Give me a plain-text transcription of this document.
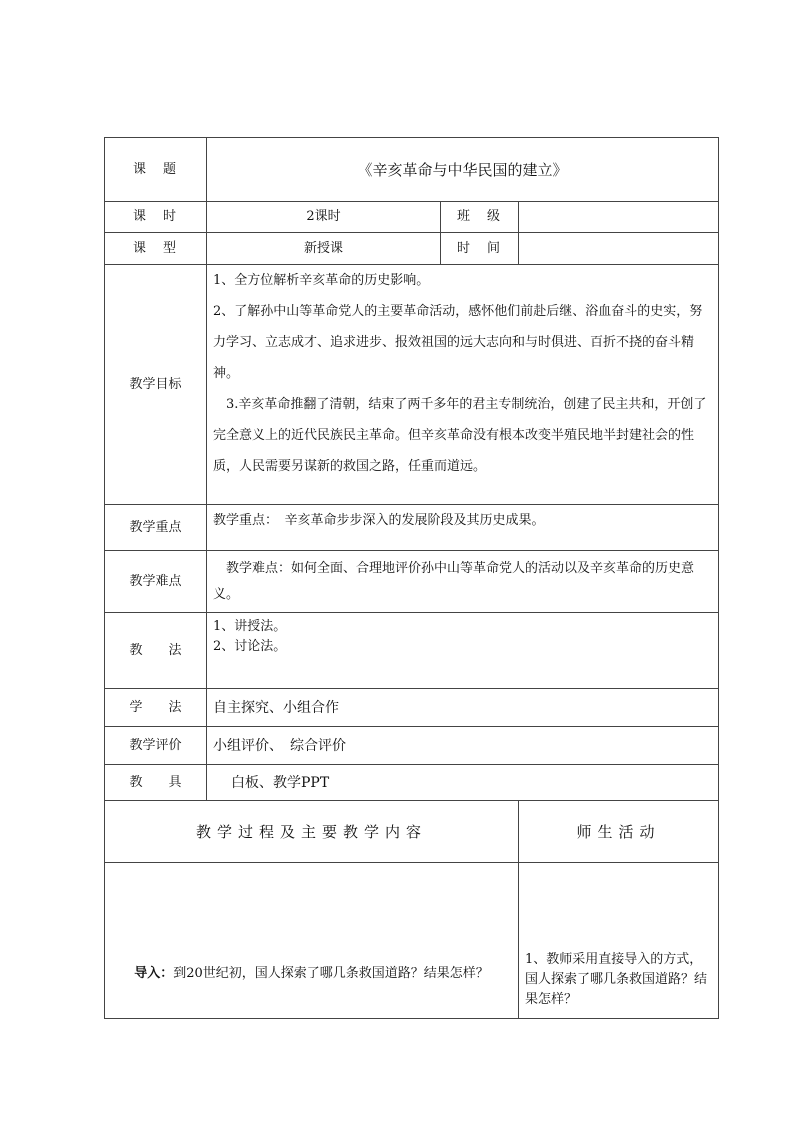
课　题	《辛亥革命与中华民国的建立》		
课　时	2课时	班　级	
课　型	新授课	时　间	
教学目标	1、全方位解析辛亥革命的历史影响。

2、了解孙中山等革命党人的主要革命活动，感怀他们前赴后继、浴血奋斗的史实，努力学习、立志成才、追求进步、报效祖国的远大志向和与时俱进、百折不挠的奋斗精神。

3.辛亥革命推翻了清朝，结束了两千多年的君主专制统治，创建了民主共和，开创了完全意义上的近代民族民主革命。但辛亥革命没有根本改变半殖民地半封建社会的性质，人民需要另谋新的救国之路，任重而道远。		

教学重点	教学重点：　辛亥革命步步深入的发展阶段及其历史成果。		
教学难点	教学难点：如何全面、合理地评价孙中山等革命党人的活动以及辛亥革命的历史意义。		
教　　法	1、讲授法。

2、讨论法。		

学　　法	自主探究、小组合作		
教学评价	小组评价、　综合评价		
教　　具	白板、教学PPT		
教学过程及主要教学内容			师生活动
导入：到20世纪初，国人探索了哪几条救国道路？结果怎样？			1、教师采用直接导入的方式，国人探索了哪几条救国道路？结果怎样？
